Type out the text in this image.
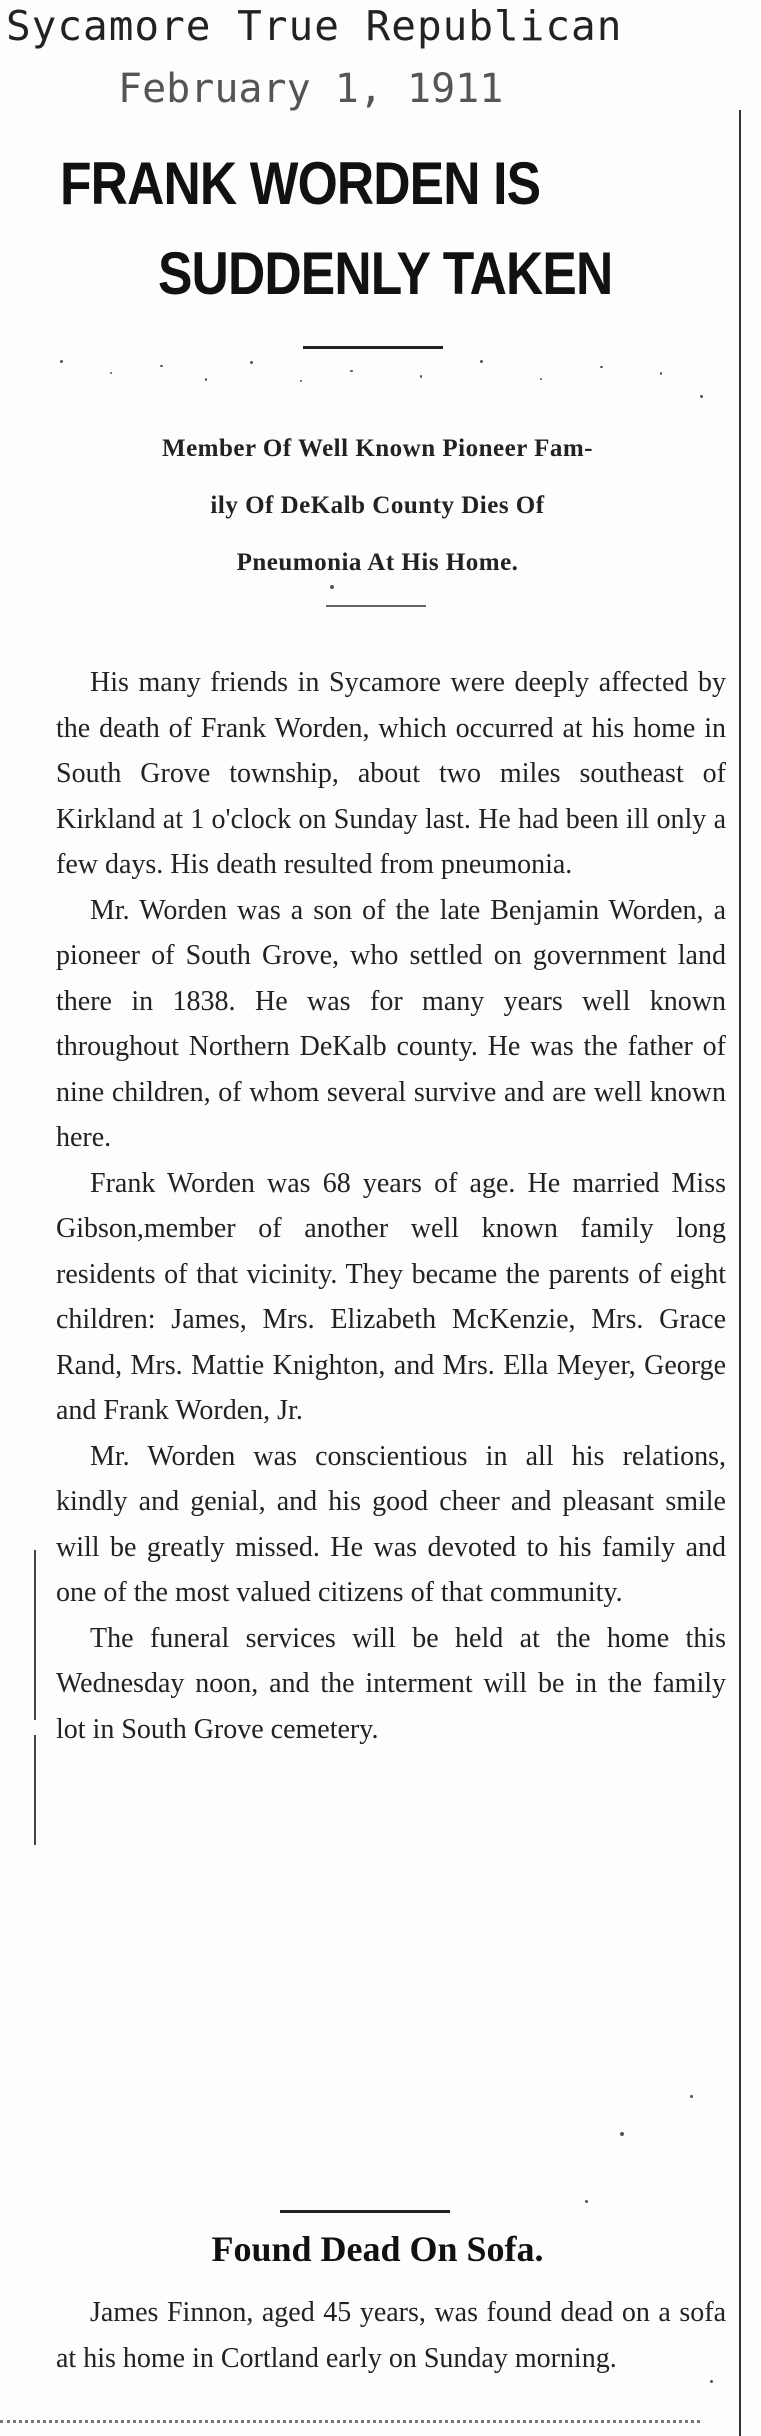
Sycamore True Republican
February 1, 1911
FRANK WORDEN IS
SUDDENLY TAKEN
Member Of Well Known Pioneer Fam-
ily Of DeKalb County Dies Of
Pneumonia At His Home.

His many friends in Sycamore were deeply affected by the death of Frank Worden, which occurred at his home in South Grove township, about two miles southeast of Kirkland at 1 o'clock on Sunday last. He had been ill only a few days. His death resulted from pneumonia.

Mr. Worden was a son of the late Benjamin Worden, a pioneer of South Grove, who settled on government land there in 1838. He was for many years well known throughout Northern DeKalb county. He was the father of nine children, of whom several survive and are well known here.

Frank Worden was 68 years of age. He married Miss Gibson,member of another well known family long residents of that vicinity. They became the parents of eight children: James, Mrs. Elizabeth McKenzie, Mrs. Grace Rand, Mrs. Mattie Knighton, and Mrs. Ella Meyer, George and Frank Worden, Jr.

Mr. Worden was conscientious in all his relations, kindly and genial, and his good cheer and pleasant smile will be greatly missed. He was devoted to his family and one of the most valued citizens of that community.

The funeral services will be held at the home this Wednesday noon, and the interment will be in the family lot in South Grove cemetery.

Found Dead On Sofa.

James Finnon, aged 45 years, was found dead on a sofa at his home in Cortland early on Sunday morning.
